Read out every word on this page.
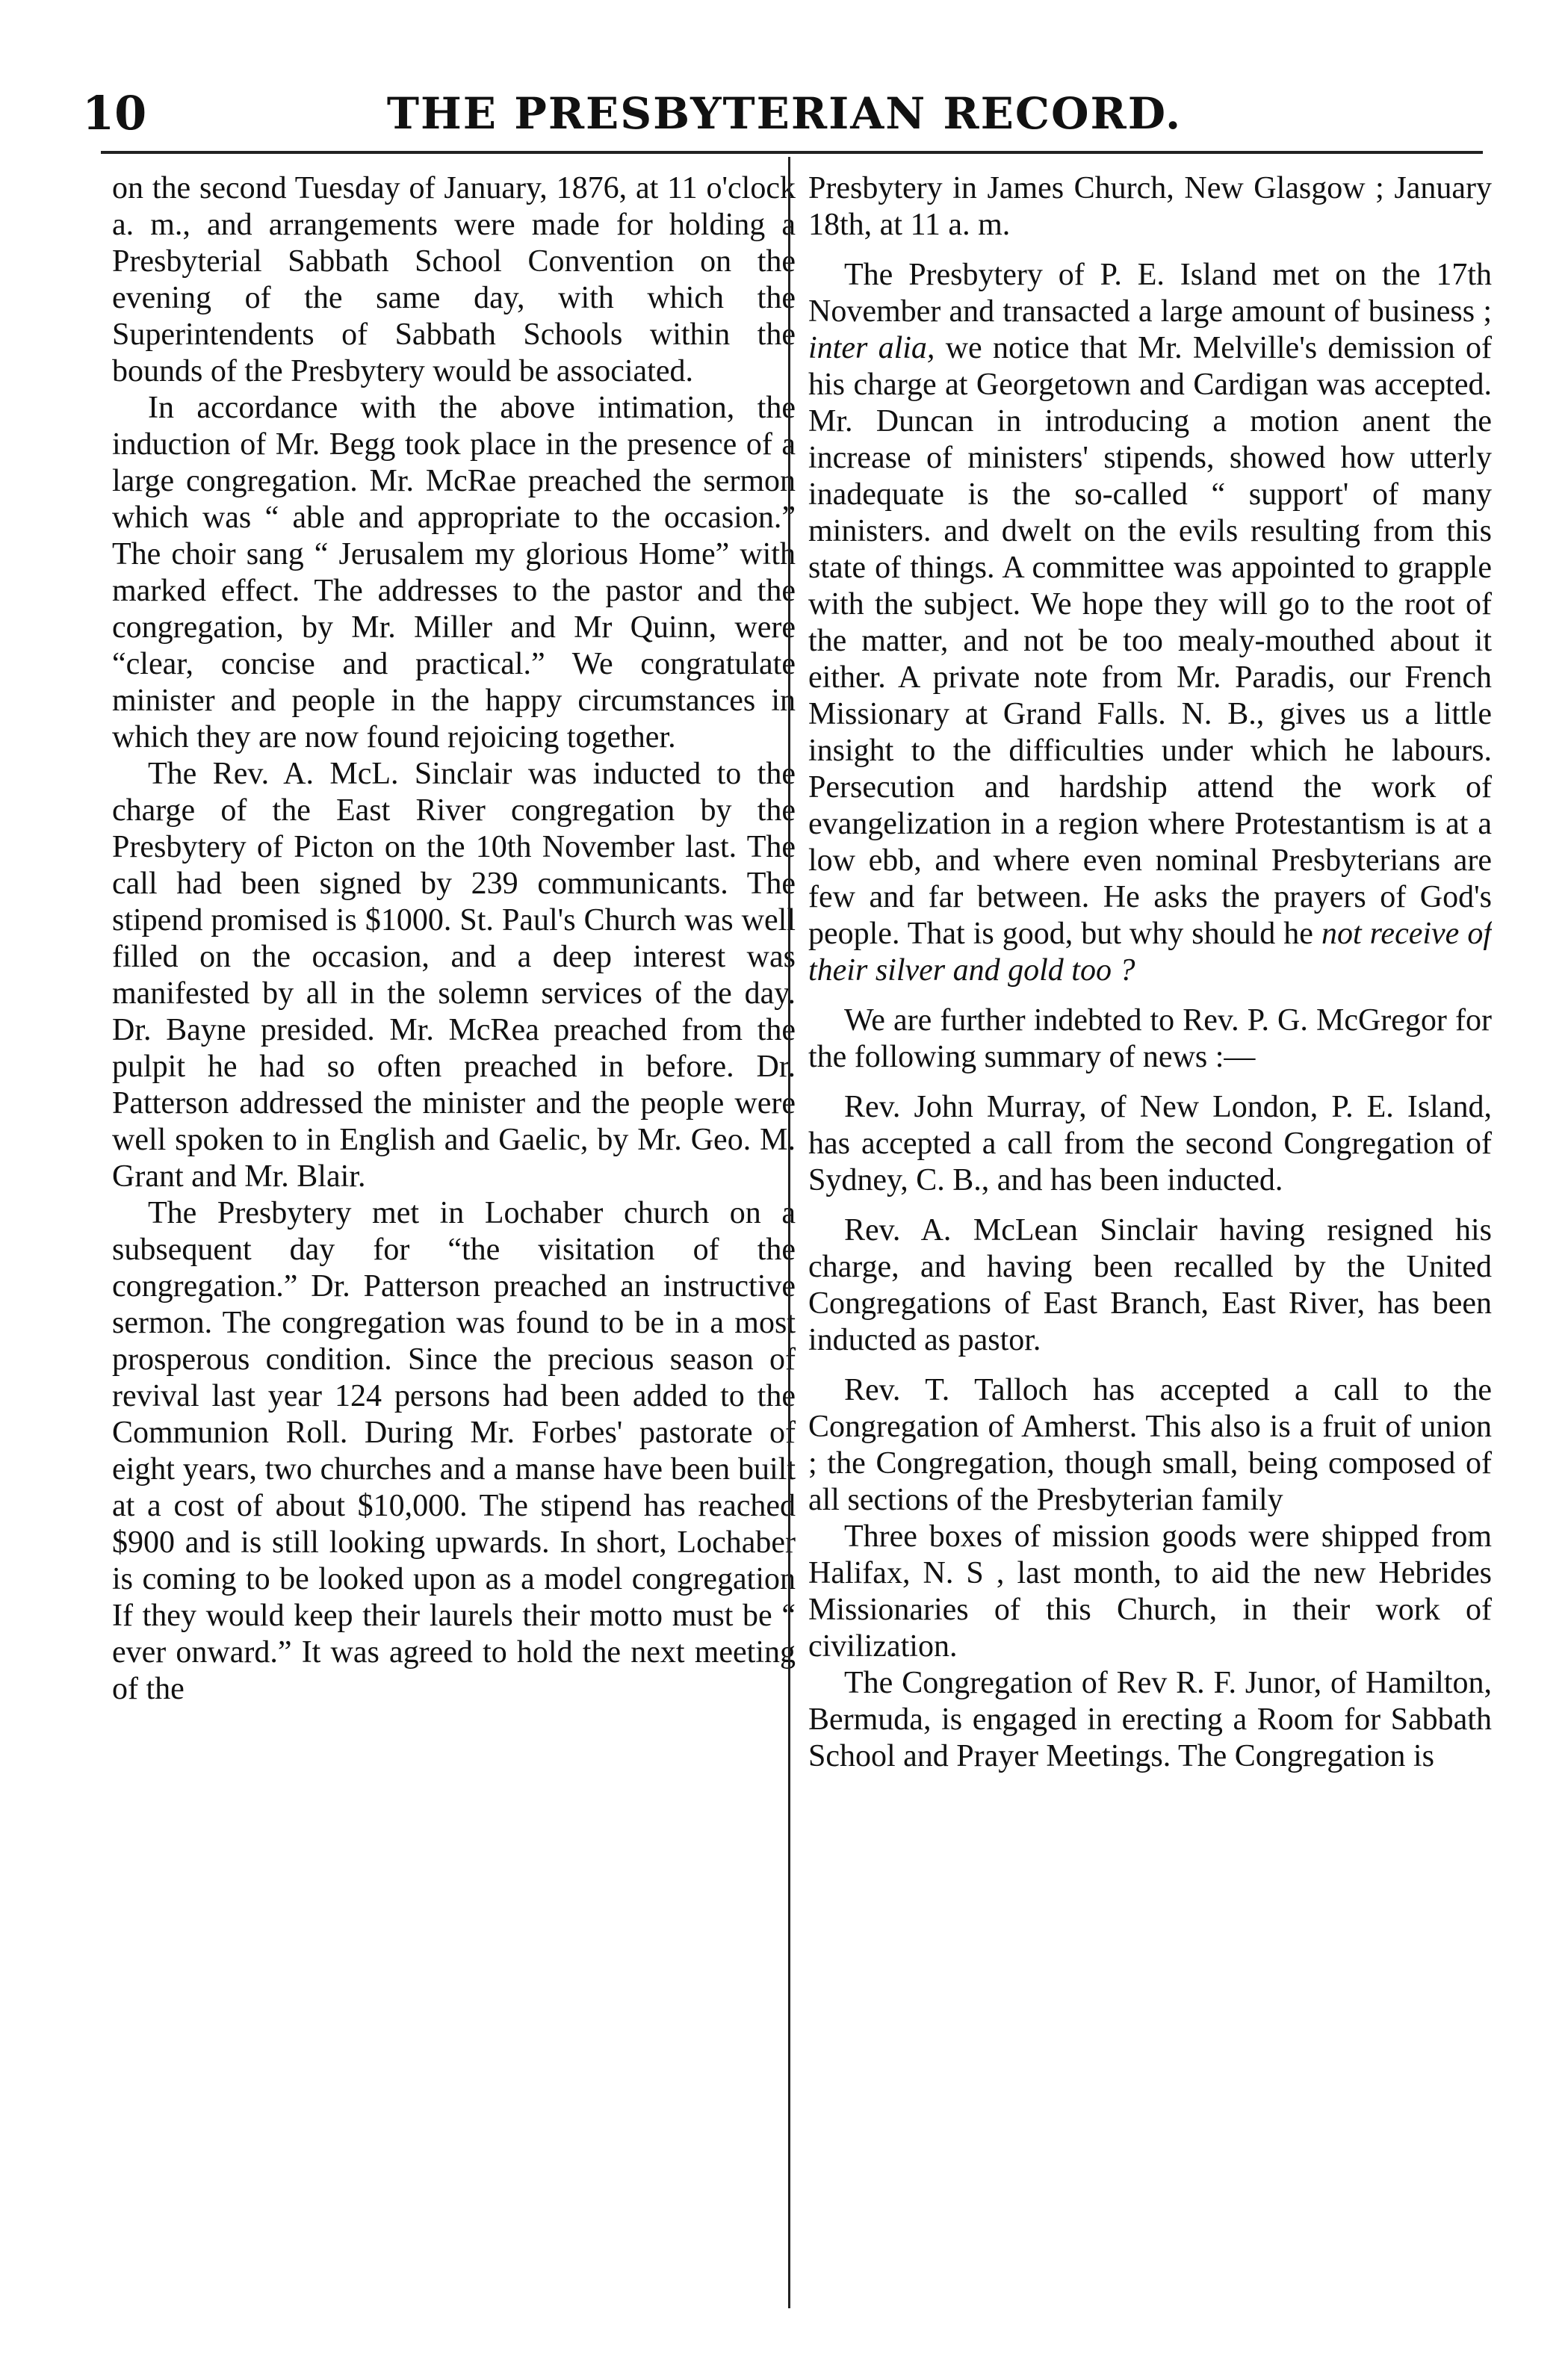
10	THE PRESBYTERIAN RECORD.

on the second Tuesday of January, 1876, at 11 o'clock a. m., and arrangements were made for holding a Presbyterial Sabbath School Convention on the evening of the same day, with which the Superintendents of Sabbath Schools within the bounds of the Presbytery would be associated.

In accordance with the above intimation, the induction of Mr. Begg took place in the presence of a large congregation. Mr. McRae preached the sermon which was “ able and appropriate to the occasion.” The choir sang “ Jerusalem my glorious Home” with marked effect. The addresses to the pastor and the congregation, by Mr. Miller and Mr Quinn, were “clear, concise and practical.” We congratulate minister and people in the happy circumstances in which they are now found rejoicing together.

The Rev. A. McL. Sinclair was inducted to the charge of the East River congregation by the Presbytery of Picton on the 10th November last. The call had been signed by 239 communicants. The stipend promised is $1000. St. Paul's Church was well filled on the occasion, and a deep interest was manifested by all in the solemn services of the day. Dr. Bayne presided. Mr. McRea preached from the pulpit he had so often preached in before. Dr. Patterson addressed the minister and the people were well spoken to in English and Gaelic, by Mr. Geo. M. Grant and Mr. Blair.

The Presbytery met in Lochaber church on a subsequent day for “the visitation of the congregation.” Dr. Patterson preached an instructive sermon. The congregation was found to be in a most prosperous condition. Since the precious season of revival last year 124 persons had been added to the Communion Roll. During Mr. Forbes' pastorate of eight years, two churches and a manse have been built at a cost of about $10,000. The stipend has reached $900 and is still looking upwards. In short, Lochaber is coming to be looked upon as a model congregation If they would keep their laurels their motto must be “ ever onward.” It was agreed to hold the next meeting of the

Presbytery in James Church, New Glasgow ; January 18th, at 11 a. m.

The Presbytery of P. E. Island met on the 17th November and transacted a large amount of business ; inter alia, we notice that Mr. Melville's demission of his charge at Georgetown and Cardigan was accepted. Mr. Duncan in introducing a motion anent the increase of ministers' stipends, showed how utterly inadequate is the so-called “ support' of many ministers. and dwelt on the evils resulting from this state of things. A committee was appointed to grapple with the subject. We hope they will go to the root of the matter, and not be too mealy-mouthed about it either. A private note from Mr. Paradis, our French Missionary at Grand Falls. N. B., gives us a little insight to the difficulties under which he labours. Persecution and hardship attend the work of evangelization in a region where Protestantism is at a low ebb, and where even nominal Presbyterians are few and far between. He asks the prayers of God's people. That is good, but why should he not receive of their silver and gold too ?

We are further indebted to Rev. P. G. McGregor for the following summary of news :—

Rev. John Murray, of New London, P. E. Island, has accepted a call from the second Congregation of Sydney, C. B., and has been inducted.

Rev. A. McLean Sinclair having resigned his charge, and having been recalled by the United Congregations of East Branch, East River, has been inducted as pastor.

Rev. T. Talloch has accepted a call to the Congregation of Amherst. This also is a fruit of union ; the Congregation, though small, being composed of all sections of the Presbyterian family

Three boxes of mission goods were shipped from Halifax, N. S , last month, to aid the new Hebrides Missionaries of this Church, in their work of civilization.

The Congregation of Rev R. F. Junor, of Hamilton, Bermuda, is engaged in erecting a Room for Sabbath School and Prayer Meetings. The Congregation is
